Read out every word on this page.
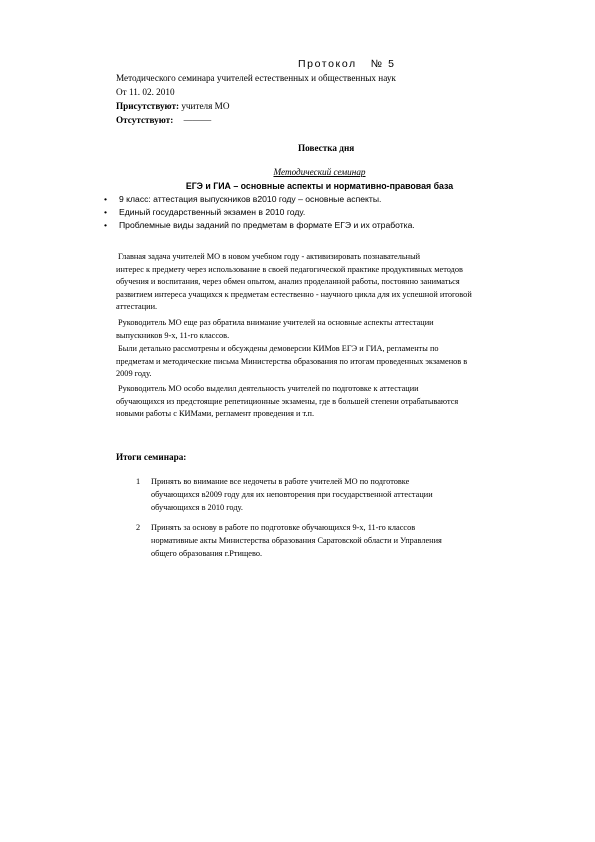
Протокол № 5
Методического семинара учителей естественных и общественных наук
От 11. 02. 2010
Присутствуют: учителя МО
Отсутствуют: ———
Повестка дня
Методический семинар
ЕГЭ и ГИА – основные аспекты и нормативно-правовая база
• 9 класс: аттестация выпускников в2010 году – основные аспекты.
• Единый государственный экзамен в 2010 году.
• Проблемные виды заданий по предметам в формате ЕГЭ и их отработка.
Главная задача учителей МО в новом учебном году - активизировать познавательный
интерес к предмету через использование в своей педагогической практике продуктивных методов
обучения и воспитания, через обмен опытом, анализ проделанной работы, постоянно заниматься
развитием интереса учащихся к предметам естественно - научного цикла для их успешной итоговой
аттестации.
Руководитель МО еще раз обратила внимание учителей на основные аспекты аттестации
выпускников 9-х, 11-го классов.
Были детально рассмотрены и обсуждены демоверсии КИМов ЕГЭ и ГИА, регламенты по
предметам и методические письма Министерства образования по итогам проведенных экзаменов в
2009 году.
Руководитель МО особо выделил деятельность учителей по подготовке к аттестации
обучающихся из предстоящие репетиционные экзамены, где в большей степени отрабатываются
новыми работы с КИМами, регламент проведения и т.п.
Итоги семинара:
1 Принять во внимание все недочеты в работе учителей МО по подготовке
обучающихся в2009 году для их неповторения при государственной аттестации
обучающихся в 2010 году.
2 Принять за основу в работе по подготовке обучающихся 9-х, 11-го классов
нормативные акты Министерства образования Саратовской области и Управления
общего образования г.Ртищево.
